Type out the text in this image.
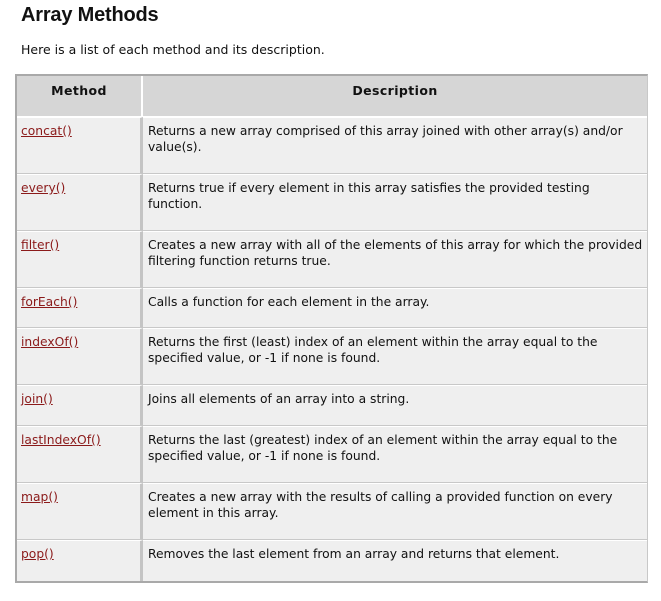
Array Methods

Here is a list of each method and its description.

Method	Description
concat()	Returns a new array comprised of this array joined with other array(s) and/or value(s).
every()	Returns true if every element in this array satisfies the provided testing function.
filter()	Creates a new array with all of the elements of this array for which the provided filtering function returns true.
forEach()	Calls a function for each element in the array.
indexOf()	Returns the first (least) index of an element within the array equal to the specified value, or -1 if none is found.
join()	Joins all elements of an array into a string.
lastIndexOf()	Returns the last (greatest) index of an element within the array equal to the specified value, or -1 if none is found.
map()	Creates a new array with the results of calling a provided function on every element in this array.
pop()	Removes the last element from an array and returns that element.
